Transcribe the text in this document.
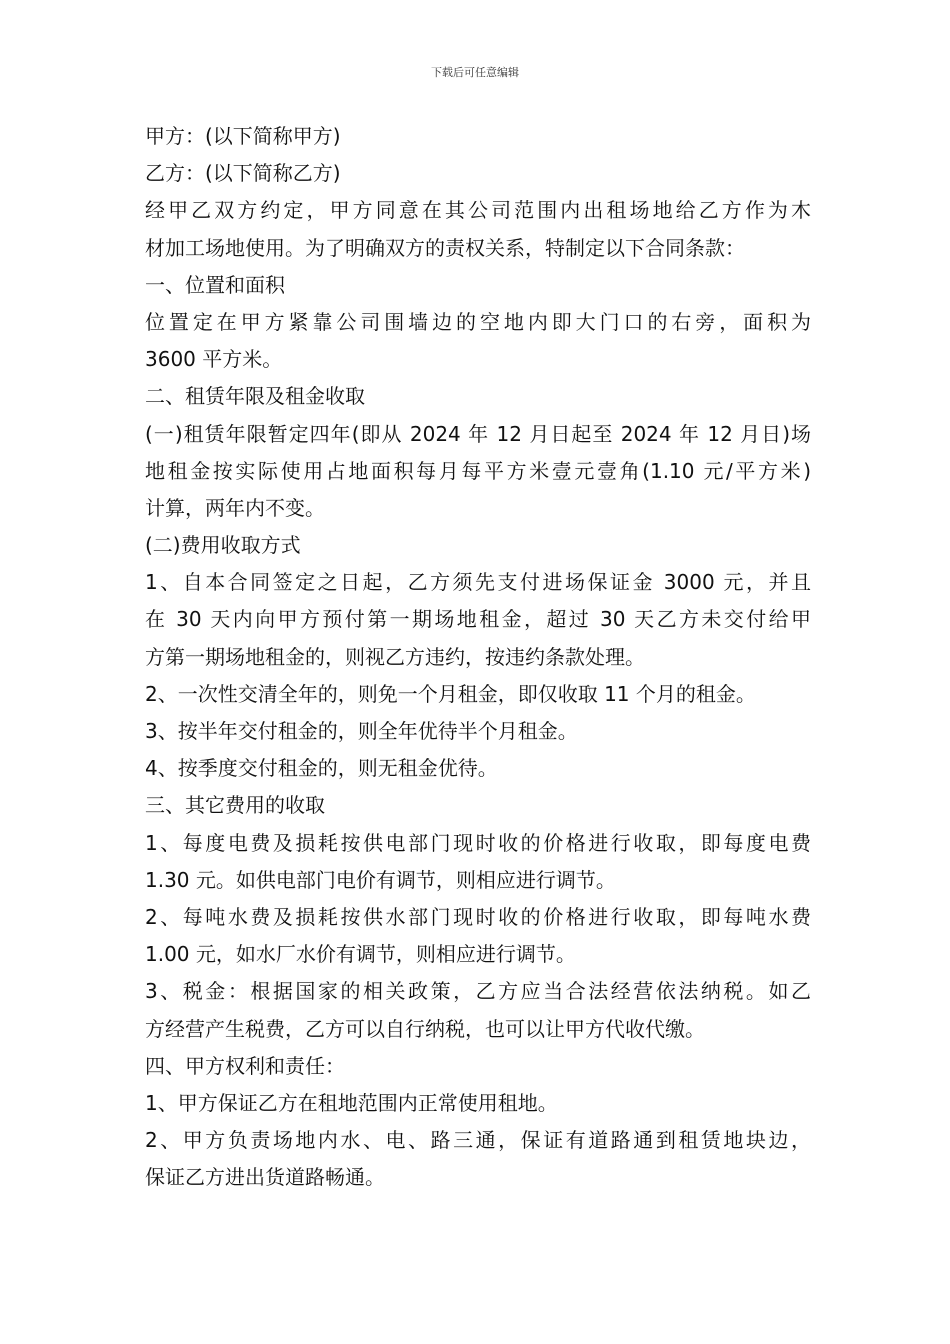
下载后可任意编辑
甲方：(以下简称甲方)
乙方：(以下简称乙方)
经甲乙双方约定，甲方同意在其公司范围内出租场地给乙方作为木
材加工场地使用。为了明确双方的责权关系，特制定以下合同条款：
一、位置和面积
位置定在甲方紧靠公司围墙边的空地内即大门口的右旁，面积为
3600 平方米。
二、租赁年限及租金收取
(一)租赁年限暂定四年(即从 2024 年 12 月日起至 2024 年 12 月日)场
地租金按实际使用占地面积每月每平方米壹元壹角(1.10 元/平方米)
计算，两年内不变。
(二)费用收取方式
1、自本合同签定之日起，乙方须先支付进场保证金 3000 元，并且
在 30 天内向甲方预付第一期场地租金，超过 30 天乙方未交付给甲
方第一期场地租金的，则视乙方违约，按违约条款处理。
2、一次性交清全年的，则免一个月租金，即仅收取 11 个月的租金。
3、按半年交付租金的，则全年优待半个月租金。
4、按季度交付租金的，则无租金优待。
三、其它费用的收取
1、每度电费及损耗按供电部门现时收的价格进行收取，即每度电费
1.30 元。如供电部门电价有调节，则相应进行调节。
2、每吨水费及损耗按供水部门现时收的价格进行收取，即每吨水费
1.00 元，如水厂水价有调节，则相应进行调节。
3、税金：根据国家的相关政策，乙方应当合法经营依法纳税。如乙
方经营产生税费，乙方可以自行纳税，也可以让甲方代收代缴。
四、甲方权利和责任：
1、甲方保证乙方在租地范围内正常使用租地。
2、甲方负责场地内水、电、路三通，保证有道路通到租赁地块边，
保证乙方进出货道路畅通。
